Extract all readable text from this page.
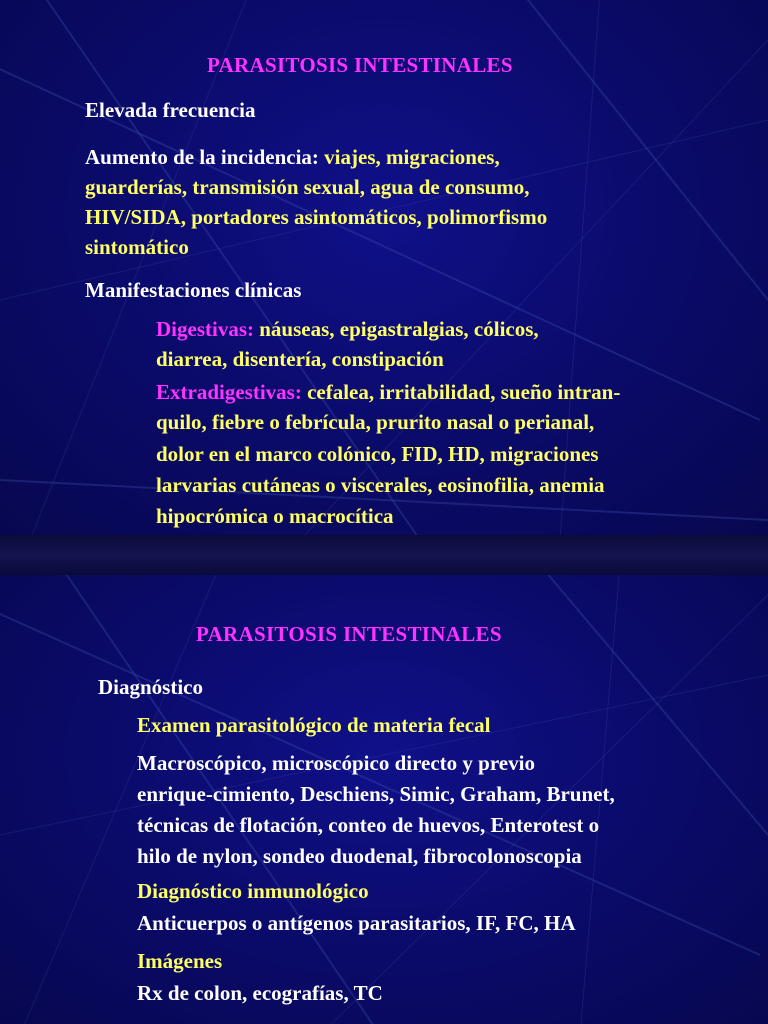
PARASITOSIS INTESTINALES
Elevada frecuencia
Aumento de la incidencia: viajes, migraciones,
guarderías, transmisión sexual, agua de consumo,
HIV/SIDA, portadores asintomáticos, polimorfismo
sintomático
Manifestaciones clínicas
Digestivas: náuseas, epigastralgias, cólicos,
diarrea, disentería, constipación
Extradigestivas: cefalea, irritabilidad, sueño intran-
quilo, fiebre o febrícula, prurito nasal o perianal,
dolor en el marco colónico, FID, HD, migraciones
larvarias cutáneas o viscerales, eosinofilia, anemia
hipocrómica o macrocítica
PARASITOSIS INTESTINALES
Diagnóstico
Examen parasitológico de materia fecal
Macroscópico, microscópico directo y previo
enrique-cimiento, Deschiens, Simic, Graham, Brunet,
técnicas de flotación, conteo de huevos, Enterotest o
hilo de nylon, sondeo duodenal, fibrocolonoscopia
Diagnóstico inmunológico
Anticuerpos o antígenos parasitarios, IF, FC, HA
Imágenes
Rx de colon, ecografías, TC
